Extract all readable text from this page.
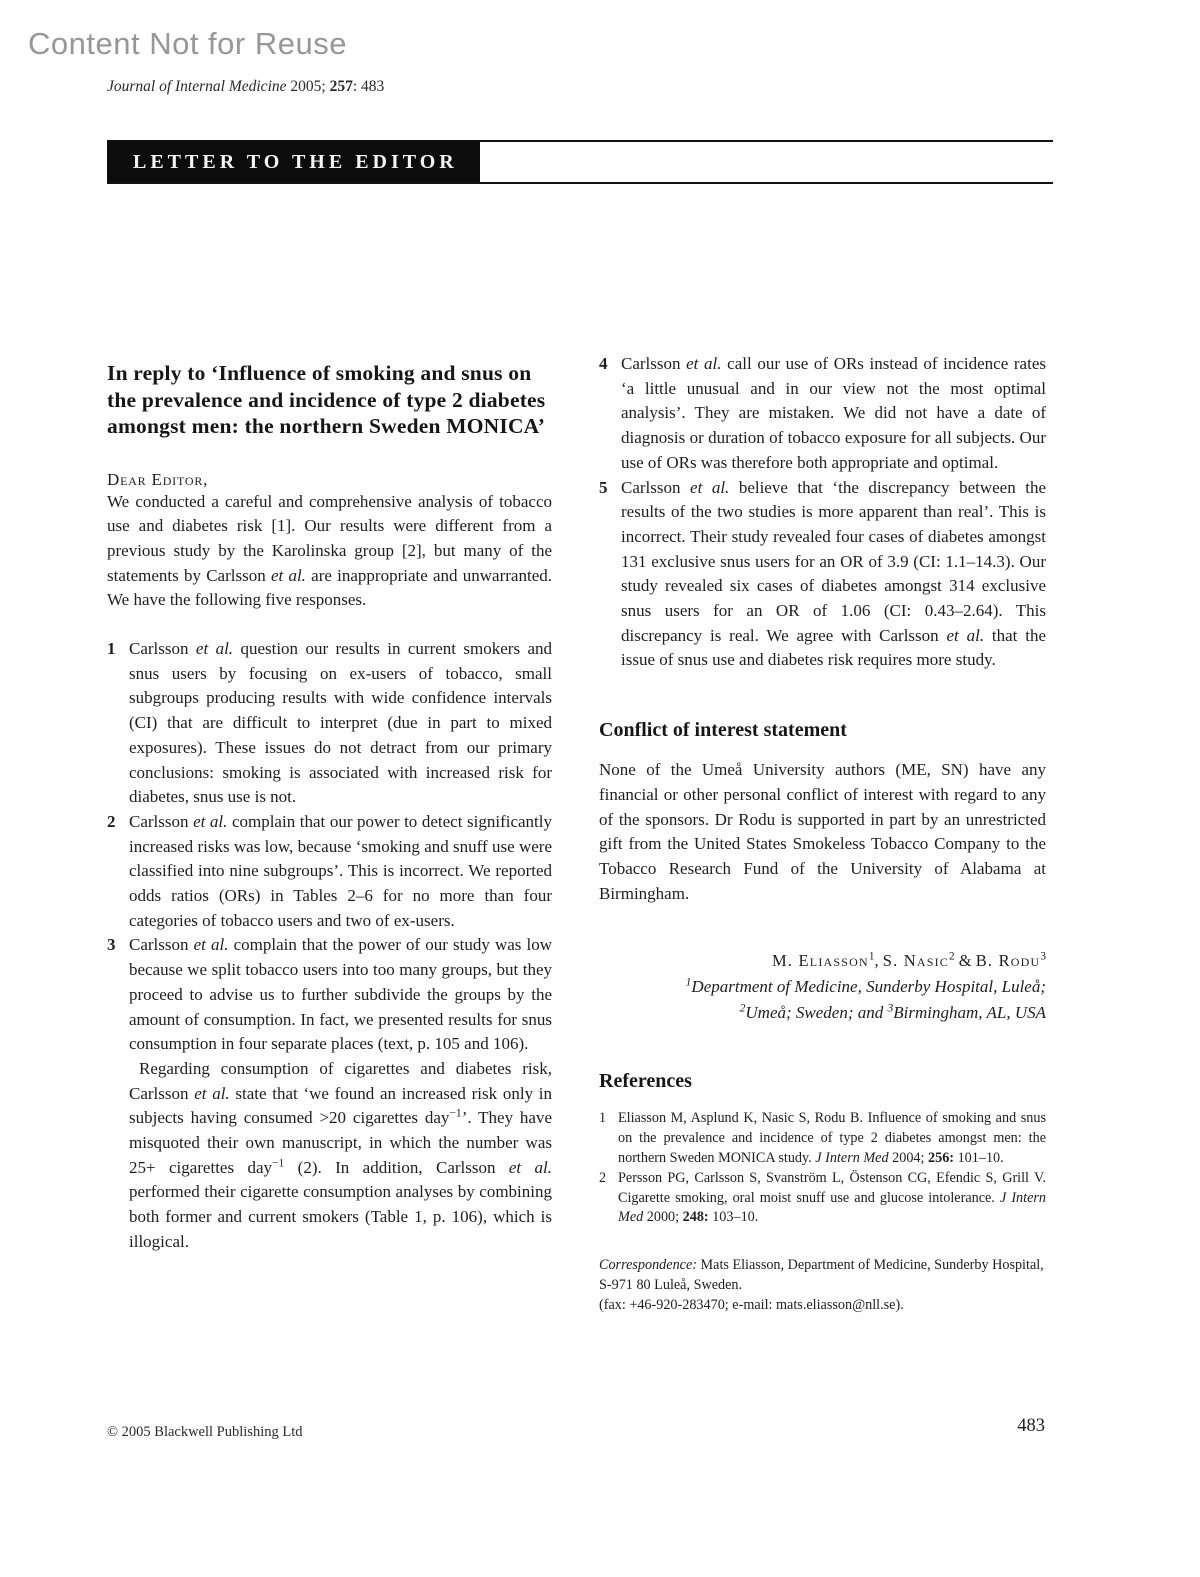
Content Not for Reuse
Journal of Internal Medicine 2005; 257: 483
LETTER TO THE EDITOR
In reply to ‘Influence of smoking and snus on the prevalence and incidence of type 2 diabetes amongst men: the northern Sweden MONICA’

Dear Editor,

We conducted a careful and comprehensive analysis of tobacco use and diabetes risk [1]. Our results were different from a previous study by the Karolinska group [2], but many of the statements by Carlsson et al. are inappropriate and unwarranted. We have the following five responses.

1 Carlsson et al. question our results in current smokers and snus users by focusing on ex-users of tobacco, small subgroups producing results with wide confidence intervals (CI) that are difficult to interpret (due in part to mixed exposures). These issues do not detract from our primary conclusions: smoking is associated with increased risk for diabetes, snus use is not.

2 Carlsson et al. complain that our power to detect significantly increased risks was low, because ‘smoking and snuff use were classified into nine subgroups’. This is incorrect. We reported odds ratios (ORs) in Tables 2–6 for no more than four categories of tobacco users and two of ex-users.

3 Carlsson et al. complain that the power of our study was low because we split tobacco users into too many groups, but they proceed to advise us to further subdivide the groups by the amount of consumption. In fact, we presented results for snus consumption in four separate places (text, p. 105 and 106).

Regarding consumption of cigarettes and diabetes risk, Carlsson et al. state that ‘we found an increased risk only in subjects having consumed >20 cigarettes day$^{-1}$’. They have misquoted their own manuscript, in which the number was 25+ cigarettes day$^{-1}$ (2). In addition, Carlsson et al. performed their cigarette consumption analyses by combining both former and current smokers (Table 1, p. 106), which is illogical.

4 Carlsson et al. call our use of ORs instead of incidence rates ‘a little unusual and in our view not the most optimal analysis’. They are mistaken. We did not have a date of diagnosis or duration of tobacco exposure for all subjects. Our use of ORs was therefore both appropriate and optimal.

5 Carlsson et al. believe that ‘the discrepancy between the results of the two studies is more apparent than real’. This is incorrect. Their study revealed four cases of diabetes amongst 131 exclusive snus users for an OR of 3.9 (CI: 1.1–14.3). Our study revealed six cases of diabetes amongst 314 exclusive snus users for an OR of 1.06 (CI: 0.43–2.64). This discrepancy is real. We agree with Carlsson et al. that the issue of snus use and diabetes risk requires more study.

Conflict of interest statement

None of the Umeå University authors (ME, SN) have any financial or other personal conflict of interest with regard to any of the sponsors. Dr Rodu is supported in part by an unrestricted gift from the United States Smokeless Tobacco Company to the Tobacco Research Fund of the University of Alabama at Birmingham.

M. Eliasson$^1$, S. Nasic$^2$ & B. Rodu$^3$
$^1$Department of Medicine, Sunderby Hospital, Luleå;
$^2$Umeå; Sweden; and $^3$Birmingham, AL, USA
References
1 Eliasson M, Asplund K, Nasic S, Rodu B. Influence of smoking and snus on the prevalence and incidence of type 2 diabetes amongst men: the northern Sweden MONICA study. J Intern Med 2004; 256: 101–10.

2 Persson PG, Carlsson S, Svanström L, Östenson CG, Efendic S, Grill V. Cigarette smoking, oral moist snuff use and glucose intolerance. J Intern Med 2000; 248: 103–10.

Correspondence: Mats Eliasson, Department of Medicine, Sunderby Hospital, S-971 80 Luleå, Sweden.

(fax: +46-920-283470; e-mail: mats.eliasson@nll.se).

© 2005 Blackwell Publishing Ltd	483
